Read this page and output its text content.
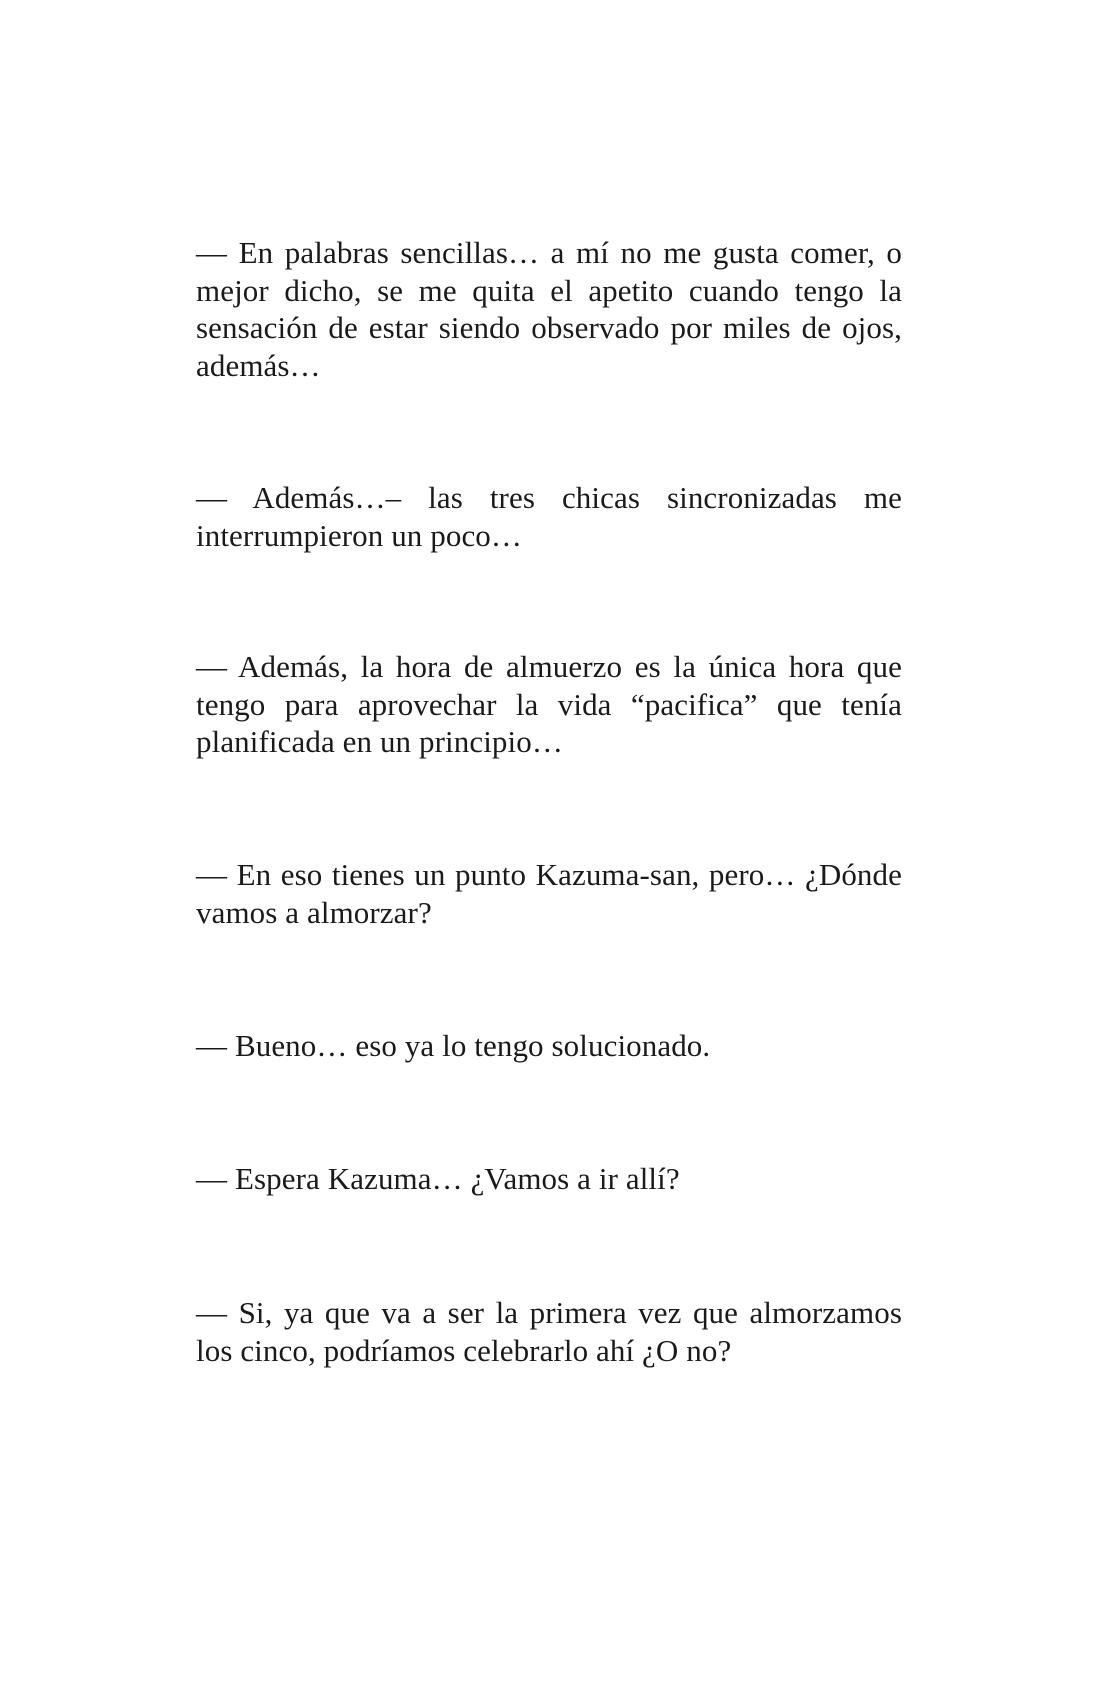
— En palabras sencillas… a mí no me gusta comer, o mejor dicho, se me quita el apetito cuando tengo la sensación de estar siendo observado por miles de ojos, además…

— Además…– las tres chicas sincronizadas me interrumpieron un poco…

— Además, la hora de almuerzo es la única hora que tengo para aprovechar la vida “pacifica” que tenía planificada en un principio…

— En eso tienes un punto Kazuma-san, pero… ¿Dónde vamos a almorzar?

— Bueno… eso ya lo tengo solucionado.

— Espera Kazuma… ¿Vamos a ir allí?

— Si, ya que va a ser la primera vez que almorzamos los cinco, podríamos celebrarlo ahí ¿O no?
